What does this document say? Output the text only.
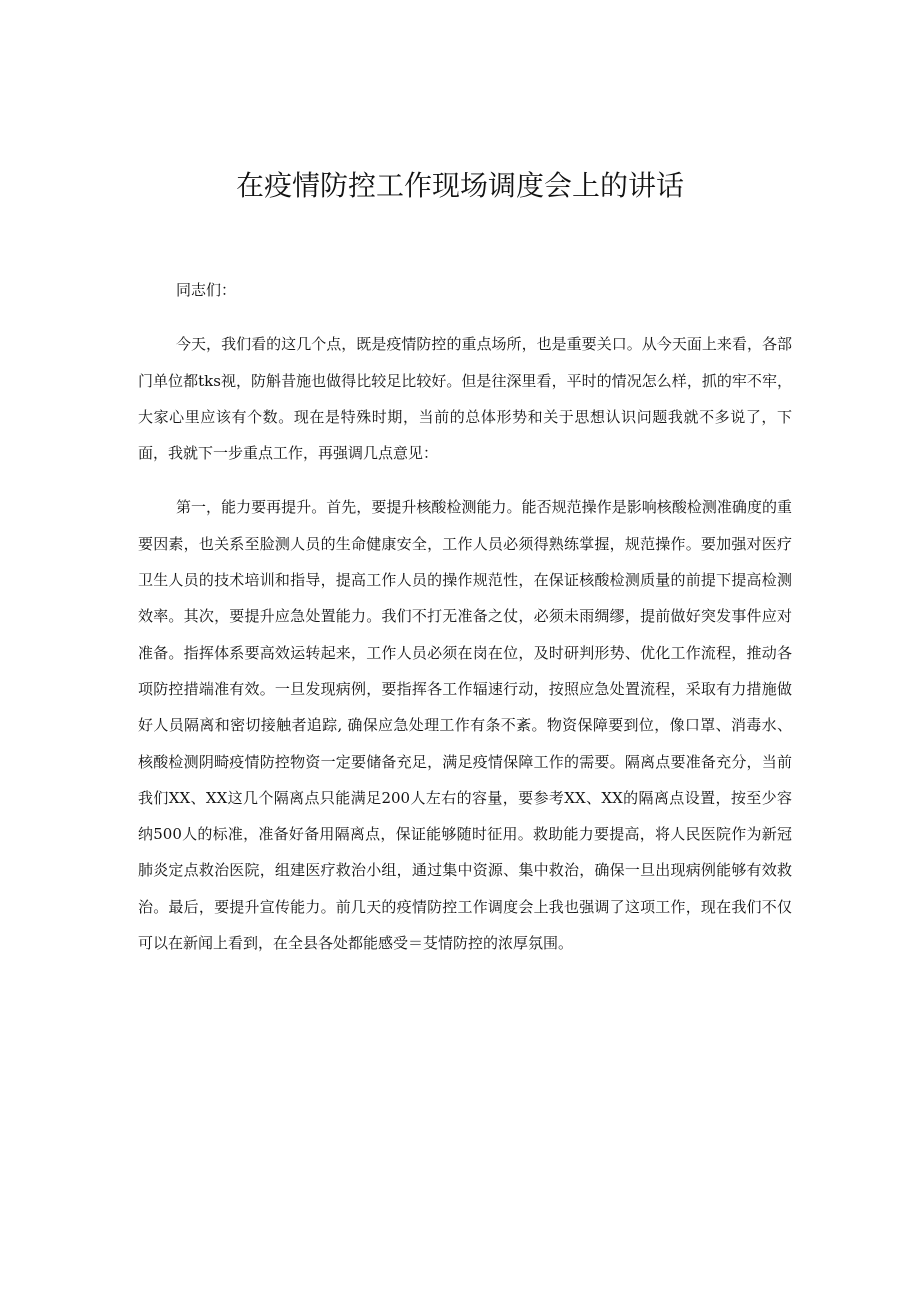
在疫情防控工作现场调度会上的讲话

同志们：

今天，我们看的这几个点，既是疫情防控的重点场所，也是重要关口。从今天面上来看，各部门单位都tks视，防斛昔施也做得比较足比较好。但是往深里看，平时的情况怎么样，抓的牢不牢，大家心里应该有个数。现在是特殊时期，当前的总体形势和关于思想认识问题我就不多说了，下面，我就下一步重点工作，再强调几点意见：

第一，能力要再提升。首先，要提升核酸检测能力。能否规范操作是影响核酸检测准确度的重要因素，也关系至脸测人员的生命健康安全，工作人员必须得熟练掌握，规范操作。要加强对医疗卫生人员的技术培训和指导，提高工作人员的操作规范性，在保证核酸检测质量的前提下提高检测效率。其次，要提升应急处置能力。我们不打无准备之仗，必须未雨绸缪，提前做好突发事件应对准备。指挥体系要高效运转起来，工作人员必须在岗在位，及时研判形势、优化工作流程，推动各项防控措端准有效。一旦发现病例，要指挥各工作辐速行动，按照应急处置流程，采取有力措施做好人员隔离和密切接触者追踪, 确保应急处理工作有条不紊。物资保障要到位，像口罩、消毒水、核酸检测阴畸疫情防控物资一定要储备充足，满足疫情保障工作的需要。隔离点要准备充分，当前我们XX、XX这几个隔离点只能满足200人左右的容量，要参考XX、XX的隔离点设置，按至少容纳500人的标准，准备好备用隔离点，保证能够随时征用。救助能力要提高，将人民医院作为新冠肺炎定点救治医院，组建医疗救治小组，通过集中资源、集中救治，确保一旦出现病例能够有效救治。最后，要提升宣传能力。前几天的疫情防控工作调度会上我也强调了这项工作，现在我们不仅可以在新闻上看到，在全县各处都能感受＝芟情防控的浓厚氛围。
